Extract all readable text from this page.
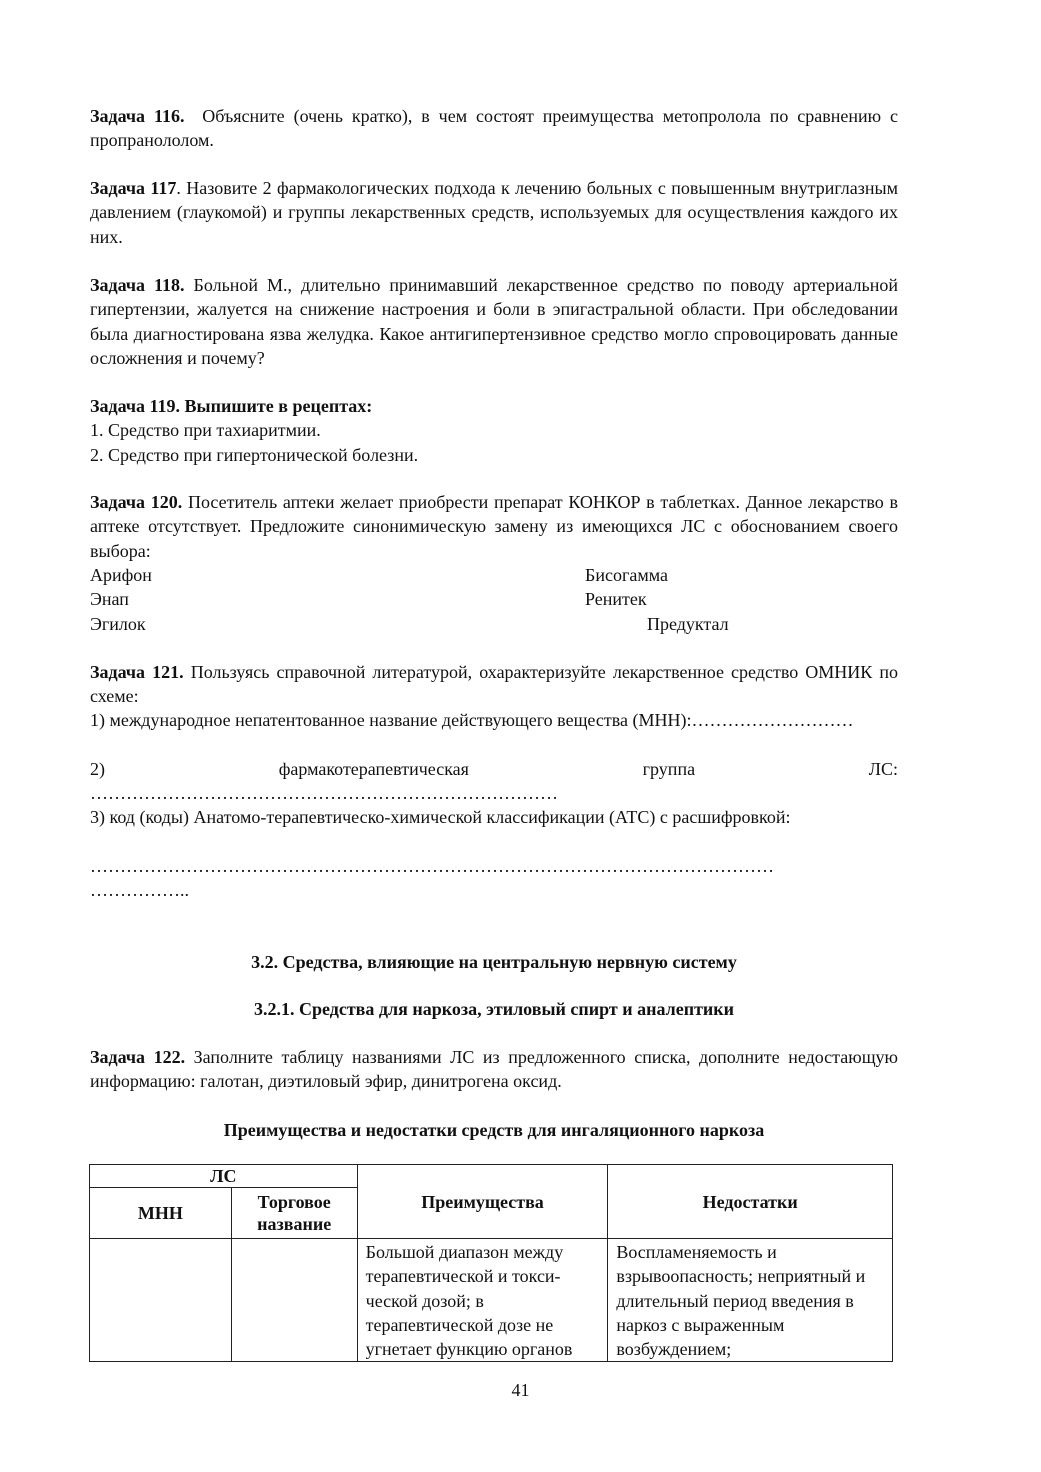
Задача 116. Объясните (очень кратко), в чем состоят преимущества метопролола по сравнению с пропранололом.
Задача 117. Назовите 2 фармакологических подхода к лечению больных с повышенным внутриглазным давлением (глаукомой) и группы лекарственных средств, используемых для осуществления каждого их них.
Задача 118. Больной М., длительно принимавший лекарственное средство по поводу артериальной гипертензии, жалуется на снижение настроения и боли в эпигастральной области. При обследовании была диагностирована язва желудка. Какое антигипертензивное средство могло спровоцировать данные осложнения и почему?
Задача 119. Выпишите в рецептах:
1. Средство при тахиаритмии.
2. Средство при гипертонической болезни.
Задача 120. Посетитель аптеки желает приобрести препарат КОНКОР в таблетках. Данное лекарство в аптеке отсутствует. Предложите синонимическую замену из имеющихся ЛС с обоснованием своего выбора:
Арифон	Бисогамма
Энап	Ренитек
Эгилок	Предуктал
Задача 121. Пользуясь справочной литературой, охарактеризуйте лекарственное средство ОМНИК по схеме:
1) международное непатентованное название действующего вещества (МНН):………………………
2) фармакотерапевтическая группа ЛС:
……………………………………………………………………
3) код (коды) Анатомо-терапевтическо-химической классификации (АТС) с расшифровкой:
……………………………………………………………………………………………………
……………..
3.2. Средства, влияющие на центральную нервную систему
3.2.1. Средства для наркоза, этиловый спирт и аналептики
Задача 122. Заполните таблицу названиями ЛС из предложенного списка, дополните недостающую информацию: галотан, диэтиловый эфир, динитрогена оксид.
Преимущества и недостатки средств для ингаляционного наркоза
ЛС		Преимущества	Недостатки
МНН	Торговое название		
		Большой диапазон между терапевтической и токси-ческой дозой; в терапевтической дозе не угнетает функцию органов	Воспламеняемость и взрывоопасность; неприятный и длительный период введения в наркоз с выраженным возбуждением;
41
